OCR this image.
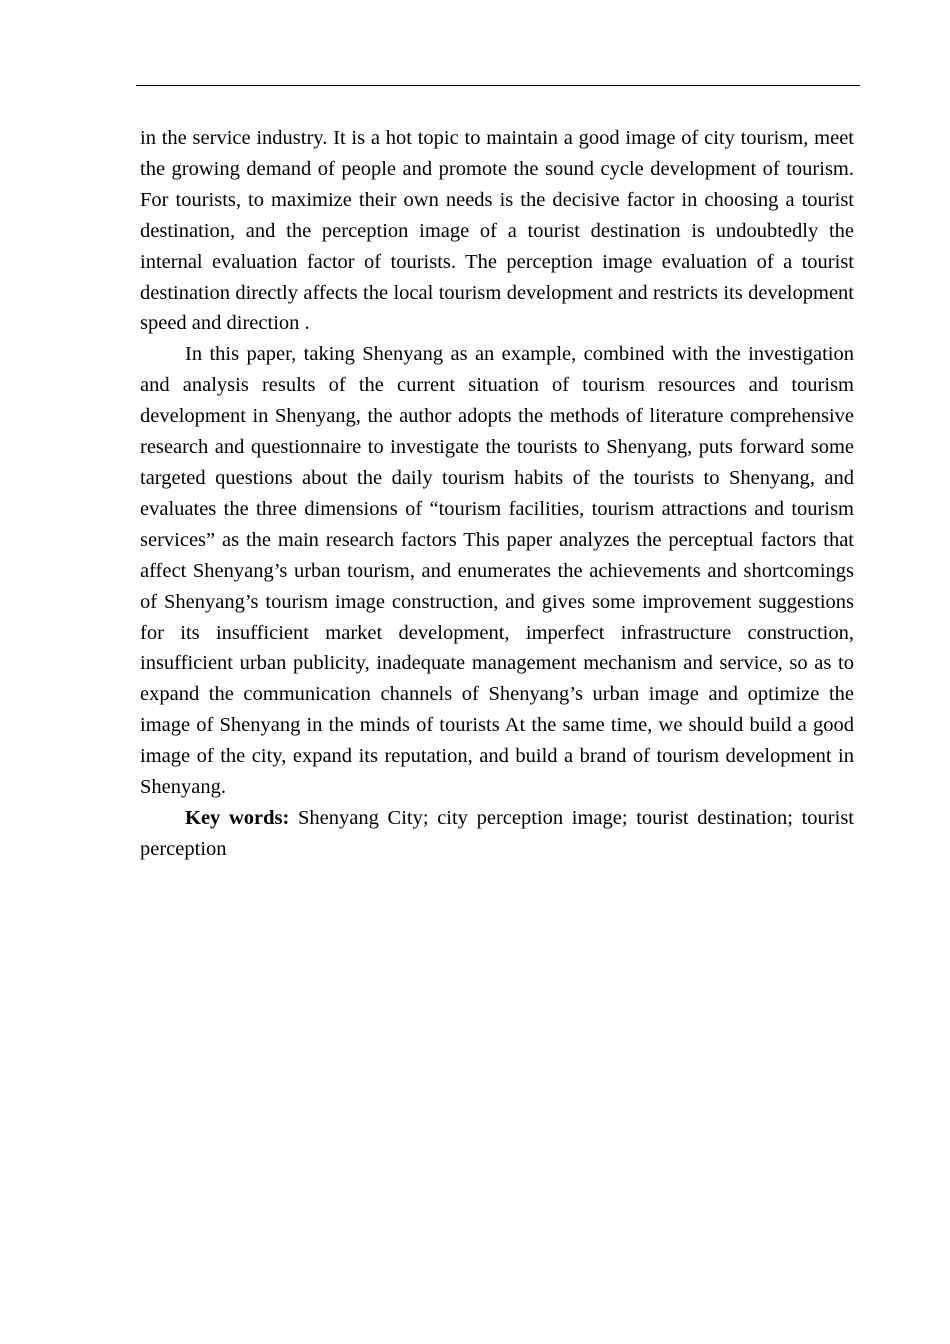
in the service industry. It is a hot topic to maintain a good image of city tourism, meet the growing demand of people and promote the sound cycle development of tourism. For tourists, to maximize their own needs is the decisive factor in choosing a tourist destination, and the perception image of a tourist destination is undoubtedly the internal evaluation factor of tourists. The perception image evaluation of a tourist destination directly affects the local tourism development and restricts its development speed and direction .

In this paper, taking Shenyang as an example, combined with the investigation and analysis results of the current situation of tourism resources and tourism development in Shenyang, the author adopts the methods of literature comprehensive research and questionnaire to investigate the tourists to Shenyang, puts forward some targeted questions about the daily tourism habits of the tourists to Shenyang, and evaluates the three dimensions of “tourism facilities, tourism attractions and tourism services” as the main research factors This paper analyzes the perceptual factors that affect Shenyang’s urban tourism, and enumerates the achievements and shortcomings of Shenyang’s tourism image construction, and gives some improvement suggestions for its insufficient market development, imperfect infrastructure construction, insufficient urban publicity, inadequate management mechanism and service, so as to expand the communication channels of Shenyang’s urban image and optimize the image of Shenyang in the minds of tourists At the same time, we should build a good image of the city, expand its reputation, and build a brand of tourism development in Shenyang.

Key words: Shenyang City; city perception image; tourist destination; tourist perception
